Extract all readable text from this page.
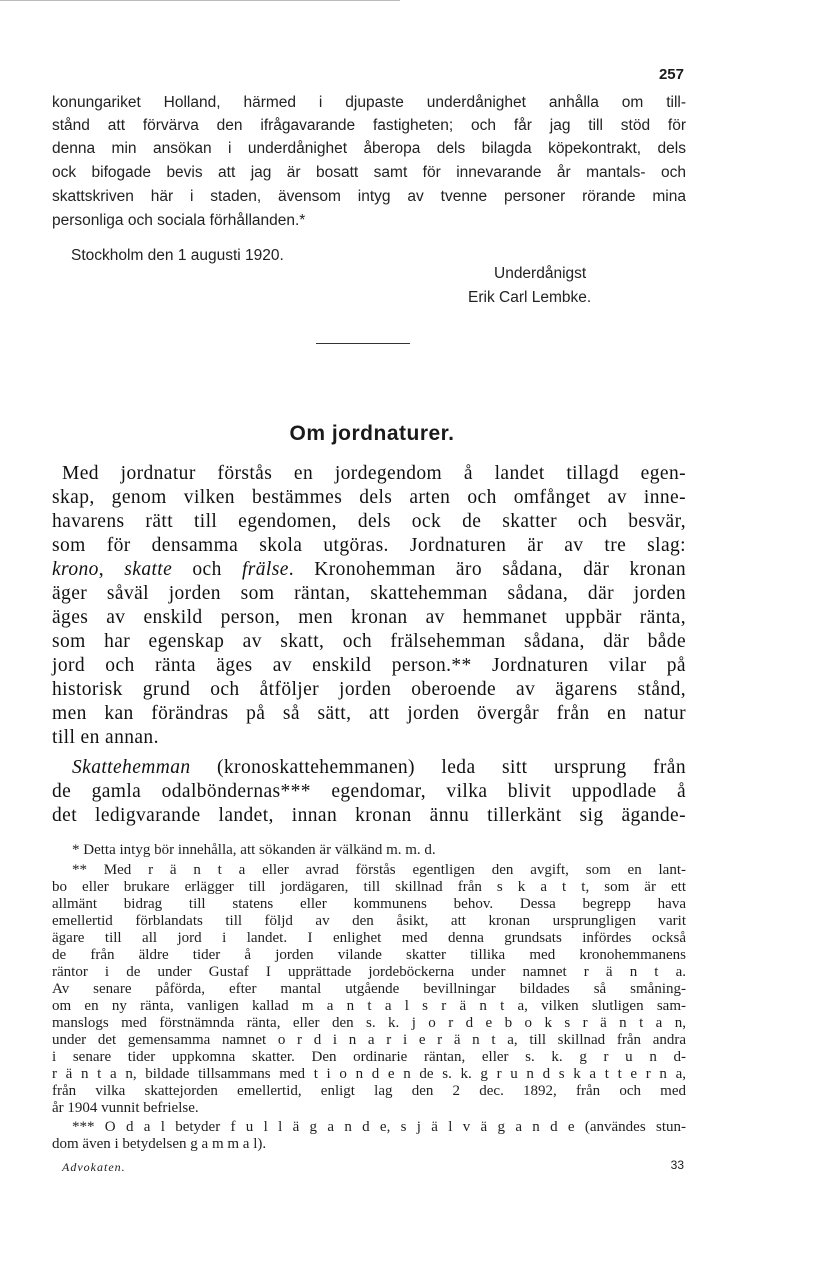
257
konungariket Holland, härmed i djupaste underdånighet anhålla om till-
stånd att förvärva den ifrågavarande fastigheten; och får jag till stöd för
denna min ansökan i underdånighet åberopa dels bilagda köpekontrakt, dels
ock bifogade bevis att jag är bosatt samt för innevarande år mantals- och
skattskriven här i staden, ävensom intyg av tvenne personer rörande mina
personliga och sociala förhållanden.*
Stockholm den 1 augusti 1920.
Underdånigst
Erik Carl Lembke.
Om jordnaturer.
Med jordnatur förstås en jordegendom å landet tillagd egen-
skap, genom vilken bestämmes dels arten och omfånget av inne-
havarens rätt till egendomen, dels ock de skatter och besvär,
som för densamma skola utgöras. Jordnaturen är av tre slag:
krono, skatte och frälse. Kronohemman äro sådana, där kronan
äger såväl jorden som räntan, skattehemman sådana, där jorden
äges av enskild person, men kronan av hemmanet uppbär ränta,
som har egenskap av skatt, och frälsehemman sådana, där både
jord och ränta äges av enskild person.** Jordnaturen vilar på
historisk grund och åtföljer jorden oberoende av ägarens stånd,
men kan förändras på så sätt, att jorden övergår från en natur
till en annan.
Skattehemman (kronoskattehemmanen) leda sitt ursprung från
de gamla odalböndernas*** egendomar, vilka blivit uppodlade å
det ledigvarande landet, innan kronan ännu tillerkänt sig ägande-
* Detta intyg bör innehålla, att sökanden är välkänd m. m. d.
** Med r ä n t a eller avrad förstås egentligen den avgift, som en lant-
bo eller brukare erlägger till jordägaren, till skillnad från s k a t t, som är ett
allmänt bidrag till statens eller kommunens behov. Dessa begrepp hava
emellertid förblandats till följd av den åsikt, att kronan ursprungligen varit
ägare till all jord i landet. I enlighet med denna grundsats infördes också
de från äldre tider å jorden vilande skatter tillika med kronohemmanens
räntor i de under Gustaf I upprättade jordeböckerna under namnet r ä n t a.
Av senare påförda, efter mantal utgående bevillningar bildades så småning-
om en ny ränta, vanligen kallad m a n t a l s r ä n t a, vilken slutligen sam-
manslogs med förstnämnda ränta, eller den s. k. j o r d e b o k s r ä n t a n,
under det gemensamma namnet o r d i n a r i e r ä n t a, till skillnad från andra
i senare tider uppkomna skatter. Den ordinarie räntan, eller s. k. g r u n d-
r ä n t a n, bildade tillsammans med t i o n d e n de s. k. g r u n d s k a t t e r n a,
från vilka skattejorden emellertid, enligt lag den 2 dec. 1892, från och med
år 1904 vunnit befrielse.
*** O d a l betyder f u l l ä g a n d e, s j ä l v ä g a n d e (användes stun-
dom även i betydelsen g a m m a l).
Advokaten.	33
